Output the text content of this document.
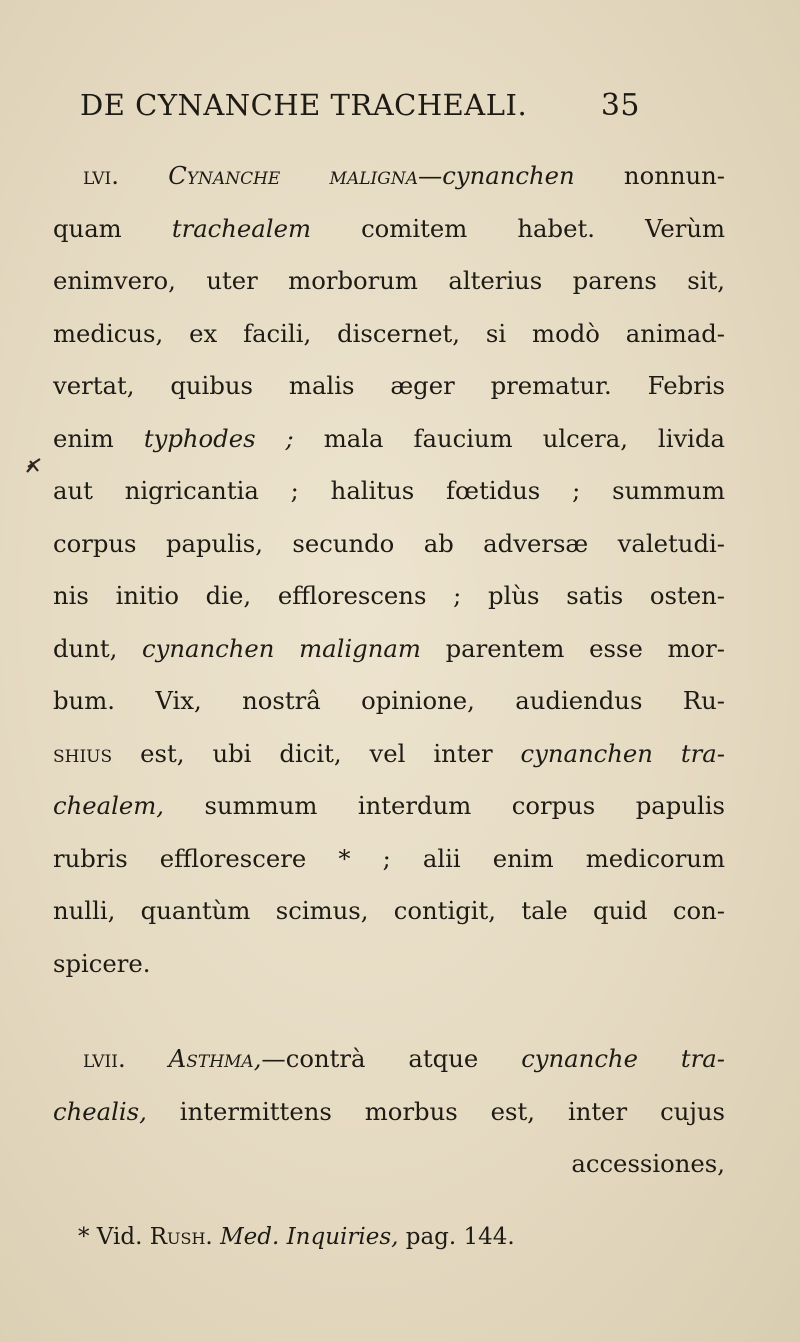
DE CYNANCHE TRACHEALI. 35
lvi. Cynanche maligna—cynanchen nonnun-
quam trachealem comitem habet. Verùm
enimvero, uter morborum alterius parens sit,
medicus, ex facili, discernet, si modò animad-
vertat, quibus malis æger prematur. Febris
enim typhodes ; mala faucium ulcera, livida
aut nigricantia ; halitus fœtidus ; summum
corpus papulis, secundo ab adversæ valetudi-
nis initio die, efflorescens ; plùs satis osten-
dunt, cynanchen malignam parentem esse mor-
bum. Vix, nostrâ opinione, audiendus Ru-
shius est, ubi dicit, vel inter cynanchen tra-
chealem, summum interdum corpus papulis
rubris efflorescere * ; alii enim medicorum
nulli, quantùm scimus, contigit, tale quid con-
spicere.
lvii. Asthma,—contrà atque cynanche tra-
chealis, intermittens morbus est, inter cujus
accessiones,
* Vid. Rush. Med. Inquiries, pag. 144.
